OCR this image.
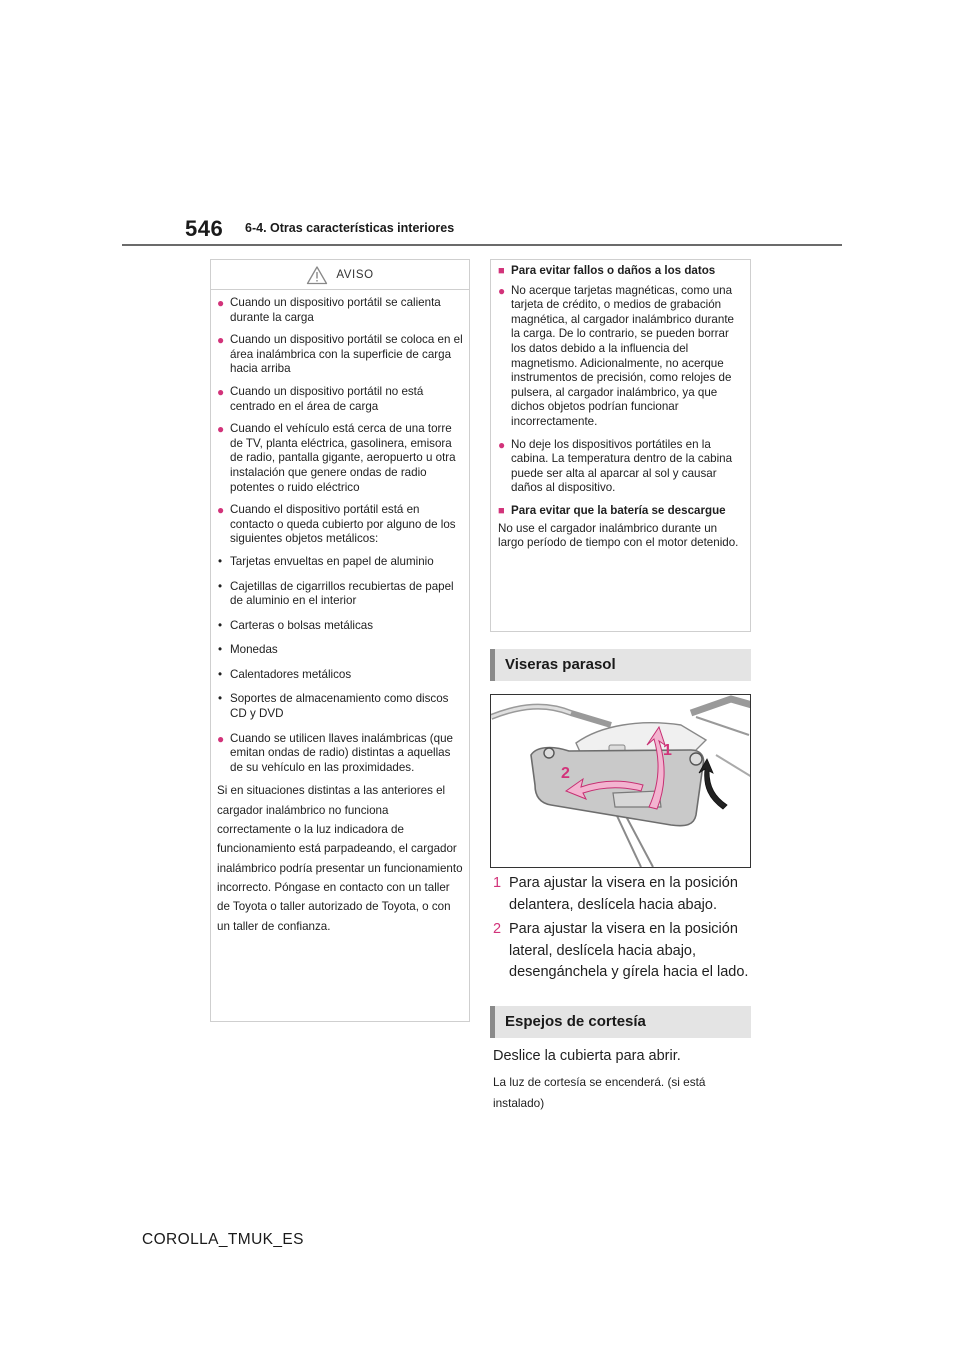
546 6-4. Otras características interiores
AVISO
● Cuando un dispositivo portátil se calienta durante la carga
● Cuando un dispositivo portátil se coloca en el área inalámbrica con la superficie de carga hacia arriba
● Cuando un dispositivo portátil no está centrado en el área de carga
● Cuando el vehículo está cerca de una torre de TV, planta eléctrica, gasolinera, emisora de radio, pantalla gigante, aeropuerto u otra instalación que genere ondas de radio potentes o ruido eléctrico
● Cuando el dispositivo portátil está en contacto o queda cubierto por alguno de los siguientes objetos metálicos:
• Tarjetas envueltas en papel de aluminio
• Cajetillas de cigarrillos recubiertas de papel de aluminio en el interior
• Carteras o bolsas metálicas
• Monedas
• Calentadores metálicos
• Soportes de almacenamiento como discos CD y DVD
● Cuando se utilicen llaves inalámbricas (que emitan ondas de radio) distintas a aquellas de su vehículo en las proximidades.

Si en situaciones distintas a las anteriores el cargador inalámbrico no funciona correctamente o la luz indicadora de funcionamiento está parpadeando, el cargador inalámbrico podría presentar un funcionamiento incorrecto. Póngase en contacto con un taller de Toyota o taller autorizado de Toyota, o con un taller de confianza.

■ Para evitar fallos o daños a los datos
● No acerque tarjetas magnéticas, como una tarjeta de crédito, o medios de grabación magnética, al cargador inalámbrico durante la carga. De lo contrario, se pueden borrar los datos debido a la influencia del magnetismo. Adicionalmente, no acerque instrumentos de precisión, como relojes de pulsera, al cargador inalámbrico, ya que dichos objetos podrían funcionar incorrectamente.
● No deje los dispositivos portátiles en la cabina. La temperatura dentro de la cabina puede ser alta al aparcar al sol y causar daños al dispositivo.
■ Para evitar que la batería se descargue

No use el cargador inalámbrico durante un largo período de tiempo con el motor detenido.

Viseras parasol
1
2
1 Para ajustar la visera en la posición delantera, deslícela hacia abajo.
2 Para ajustar la visera en la posición lateral, deslícela hacia abajo, desengánchela y gírela hacia el lado.
Espejos de cortesía

Deslice la cubierta para abrir.

La luz de cortesía se encenderá. (si está instalado)

COROLLA_TMUK_ES
